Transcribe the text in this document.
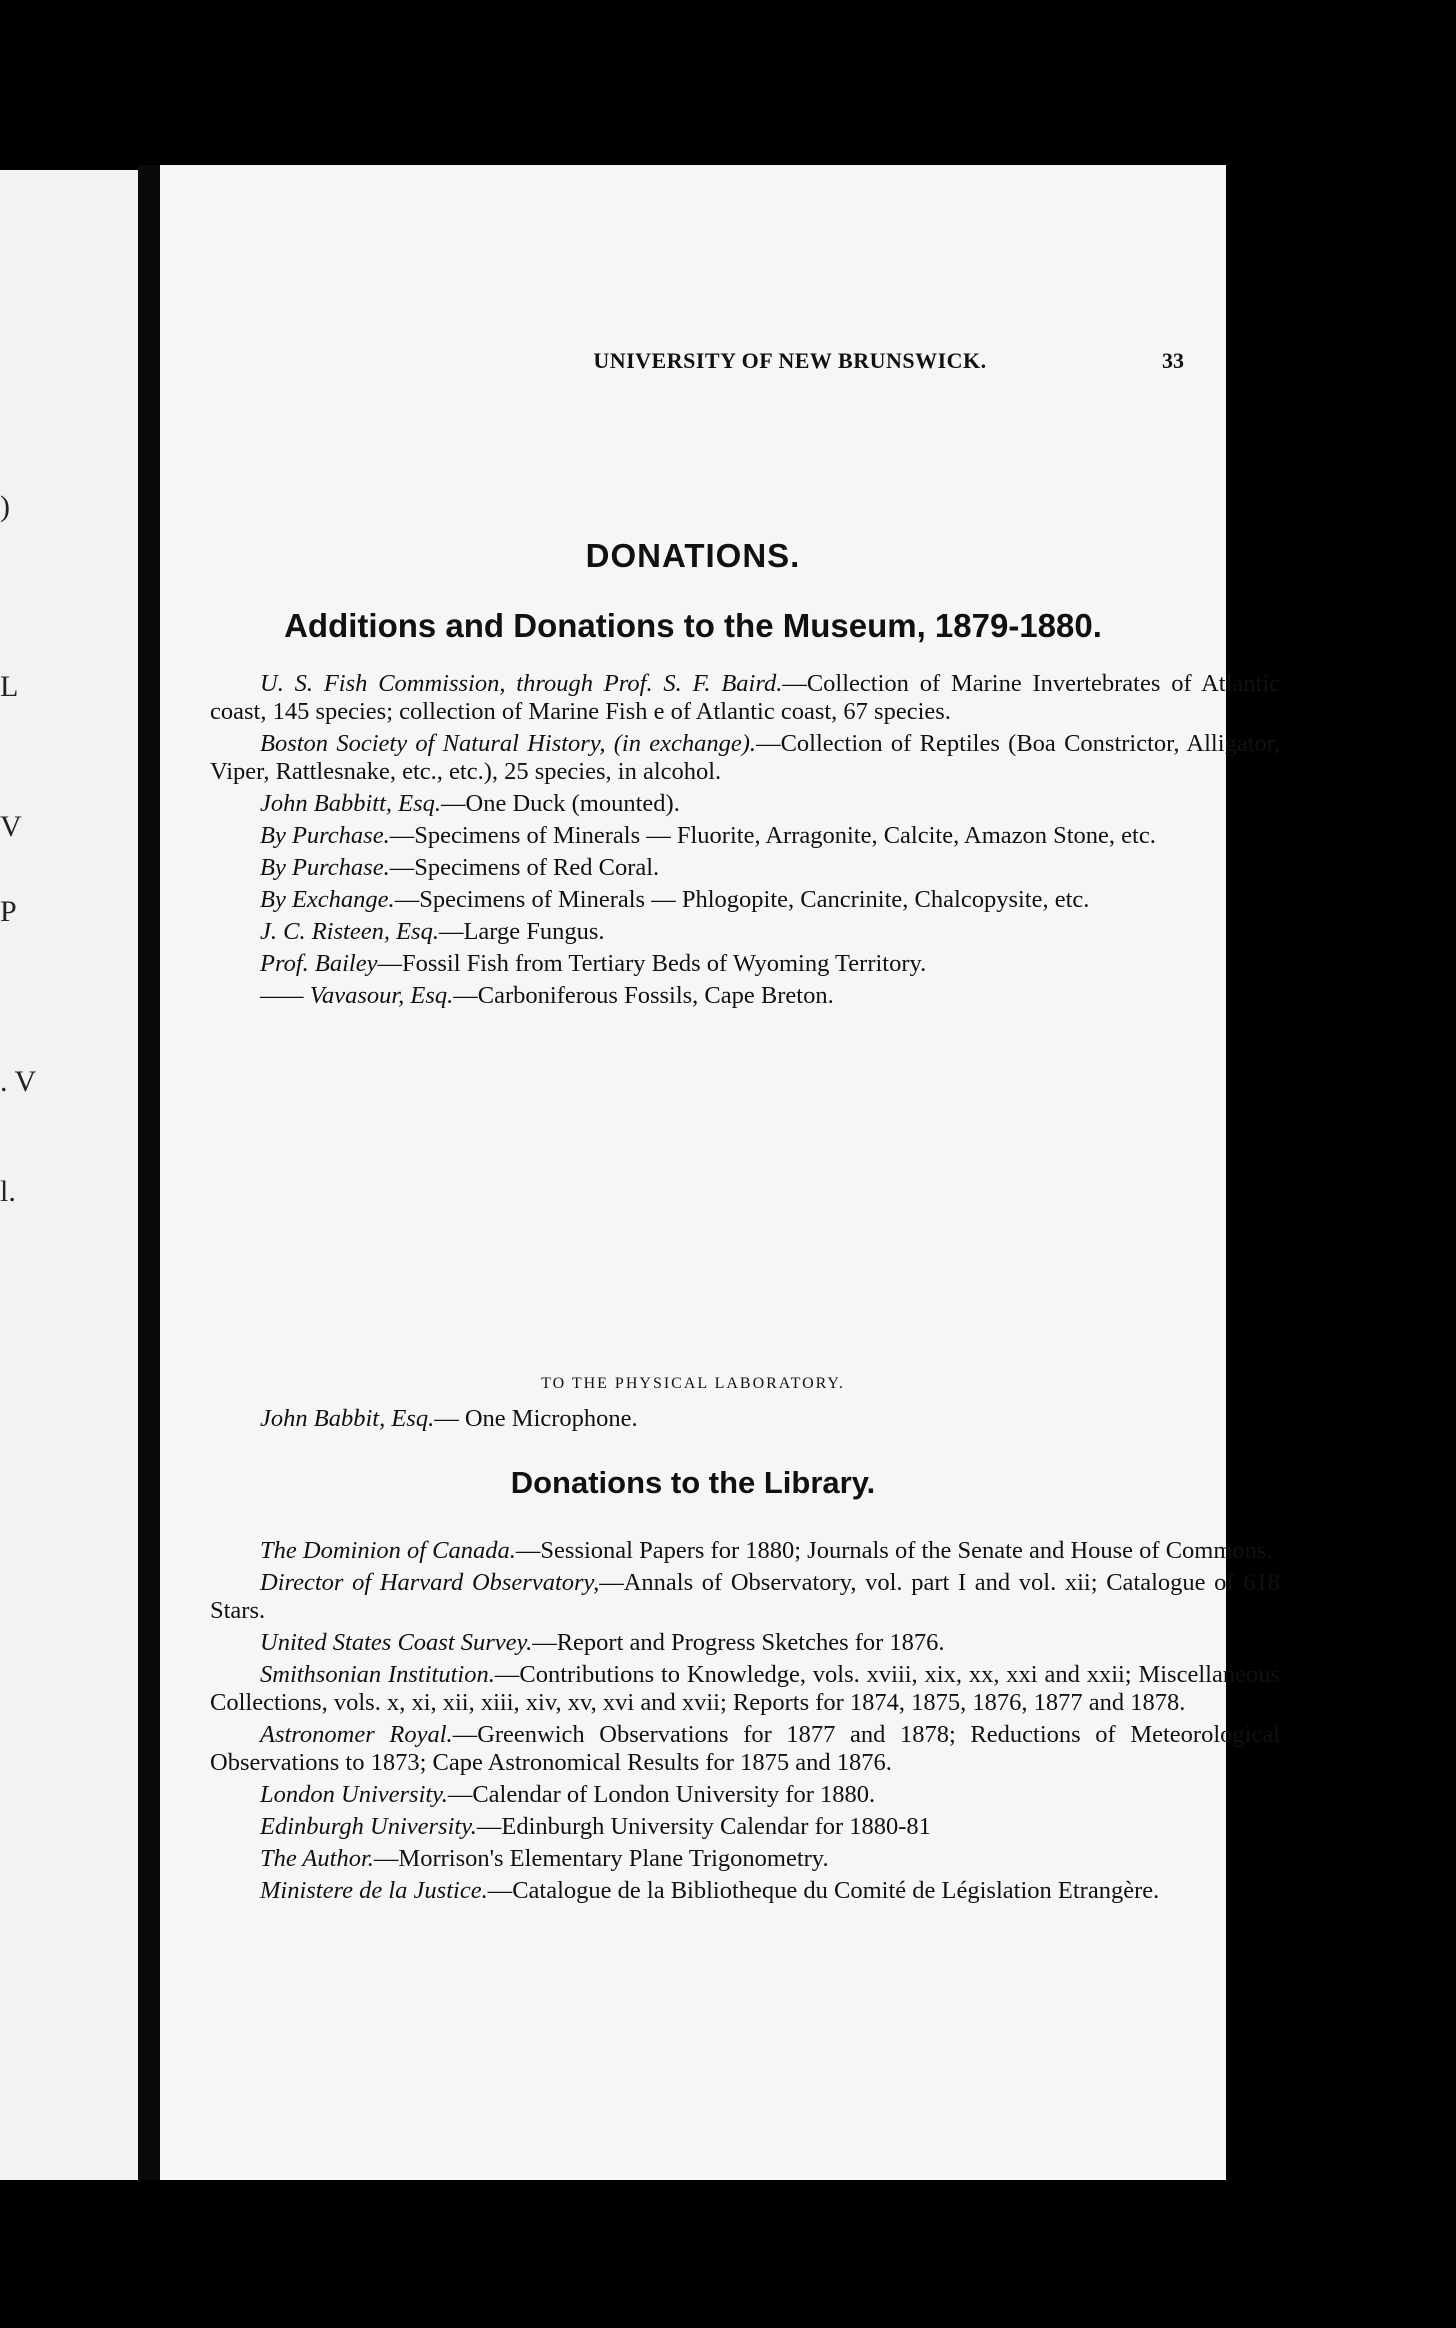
)
L
V
P
. V
l.
UNIVERSITY OF NEW BRUNSWICK.	33
DONATIONS.
Additions and Donations to the Museum, 1879-1880.

U. S. Fish Commission, through Prof. S. F. Baird.—Collection of Marine Invertebrates of Atlantic coast, 145 species; collection of Marine Fish e of Atlantic coast, 67 species.

Boston Society of Natural History, (in exchange).—Collection of Reptiles (Boa Constrictor, Alligator, Viper, Rattlesnake, etc., etc.), 25 species, in alcohol.

John Babbitt, Esq.—One Duck (mounted).

By Purchase.—Specimens of Minerals — Fluorite, Arragonite, Calcite, Amazon Stone, etc.

By Purchase.—Specimens of Red Coral.

By Exchange.—Specimens of Minerals — Phlogopite, Cancrinite, Chalcopysite, etc.

J. C. Risteen, Esq.—Large Fungus.

Prof. Bailey—Fossil Fish from Tertiary Beds of Wyoming Territory.

—— Vavasour, Esq.—Carboniferous Fossils, Cape Breton.

TO THE PHYSICAL LABORATORY.

John Babbit, Esq.— One Microphone.

Donations to the Library.

The Dominion of Canada.—Sessional Papers for 1880; Journals of the Senate and House of Commons.

Director of Harvard Observatory,—Annals of Observatory, vol. part I and vol. xii; Catalogue of 618 Stars.

United States Coast Survey.—Report and Progress Sketches for 1876.

Smithsonian Institution.—Contributions to Knowledge, vols. xviii, xix, xx, xxi and xxii; Miscellaneous Collections, vols. x, xi, xii, xiii, xiv, xv, xvi and xvii; Reports for 1874, 1875, 1876, 1877 and 1878.

Astronomer Royal.—Greenwich Observations for 1877 and 1878; Reductions of Meteorological Observations to 1873; Cape Astronomical Results for 1875 and 1876.

London University.—Calendar of London University for 1880.

Edinburgh University.—Edinburgh University Calendar for 1880-81

The Author.—Morrison's Elementary Plane Trigonometry.

Ministere de la Justice.—Catalogue de la Bibliotheque du Comité de Législation Etrangère.
